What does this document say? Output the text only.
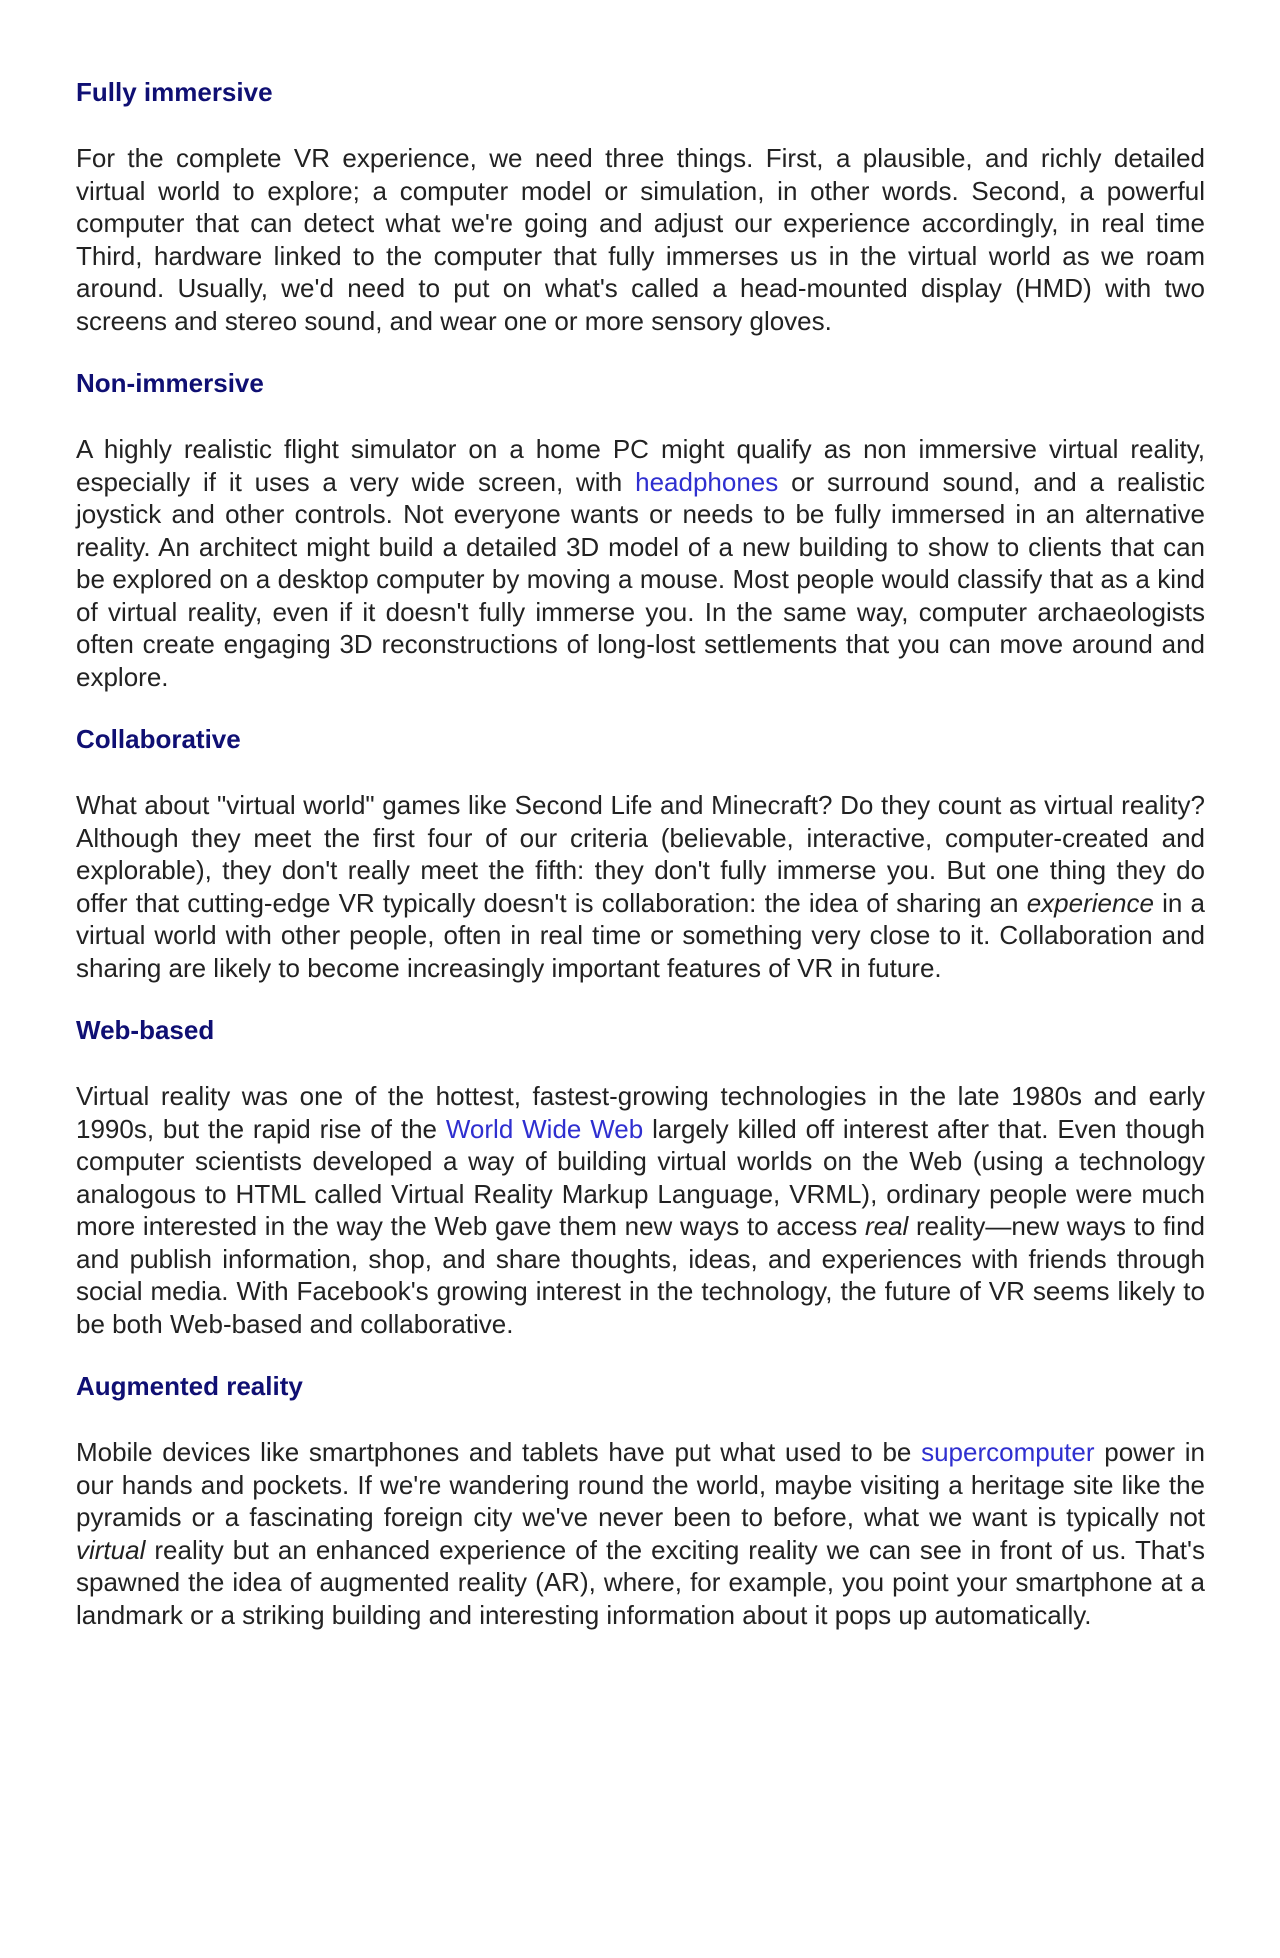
Fully immersive

For the complete VR experience, we need three things. First, a plausible, and richly detailed virtual world to explore; a computer model or simulation, in other words. Second, a powerful computer that can detect what we're going and adjust our experience accordingly, in real time Third, hardware linked to the computer that fully immerses us in the virtual world as we roam around. Usually, we'd need to put on what's called a head-mounted display (HMD) with two screens and stereo sound, and wear one or more sensory gloves.

Non-immersive

A highly realistic flight simulator on a home PC might qualify as non immersive virtual reality, especially if it uses a very wide screen, with headphones or surround sound, and a realistic joystick and other controls. Not everyone wants or needs to be fully immersed in an alternative reality. An architect might build a detailed 3D model of a new building to show to clients that can be explored on a desktop computer by moving a mouse. Most people would classify that as a kind of virtual reality, even if it doesn't fully immerse you. In the same way, computer archaeologists often create engaging 3D reconstructions of long-lost settlements that you can move around and explore.

Collaborative

What about "virtual world" games like Second Life and Minecraft? Do they count as virtual reality? Although they meet the first four of our criteria (believable, interactive, computer-created and explorable), they don't really meet the fifth: they don't fully immerse you. But one thing they do offer that cutting-edge VR typically doesn't is collaboration: the idea of sharing an experience in a virtual world with other people, often in real time or something very close to it. Collaboration and sharing are likely to become increasingly important features of VR in future.

Web-based

Virtual reality was one of the hottest, fastest-growing technologies in the late 1980s and early 1990s, but the rapid rise of the World Wide Web largely killed off interest after that. Even though computer scientists developed a way of building virtual worlds on the Web (using a technology analogous to HTML called Virtual Reality Markup Language, VRML), ordinary people were much more interested in the way the Web gave them new ways to access real reality—new ways to find and publish information, shop, and share thoughts, ideas, and experiences with friends through social media. With Facebook's growing interest in the technology, the future of VR seems likely to be both Web-based and collaborative.

Augmented reality

Mobile devices like smartphones and tablets have put what used to be supercomputer power in our hands and pockets. If we're wandering round the world, maybe visiting a heritage site like the pyramids or a fascinating foreign city we've never been to before, what we want is typically not virtual reality but an enhanced experience of the exciting reality we can see in front of us. That's spawned the idea of augmented reality (AR), where, for example, you point your smartphone at a landmark or a striking building and interesting information about it pops up automatically.
